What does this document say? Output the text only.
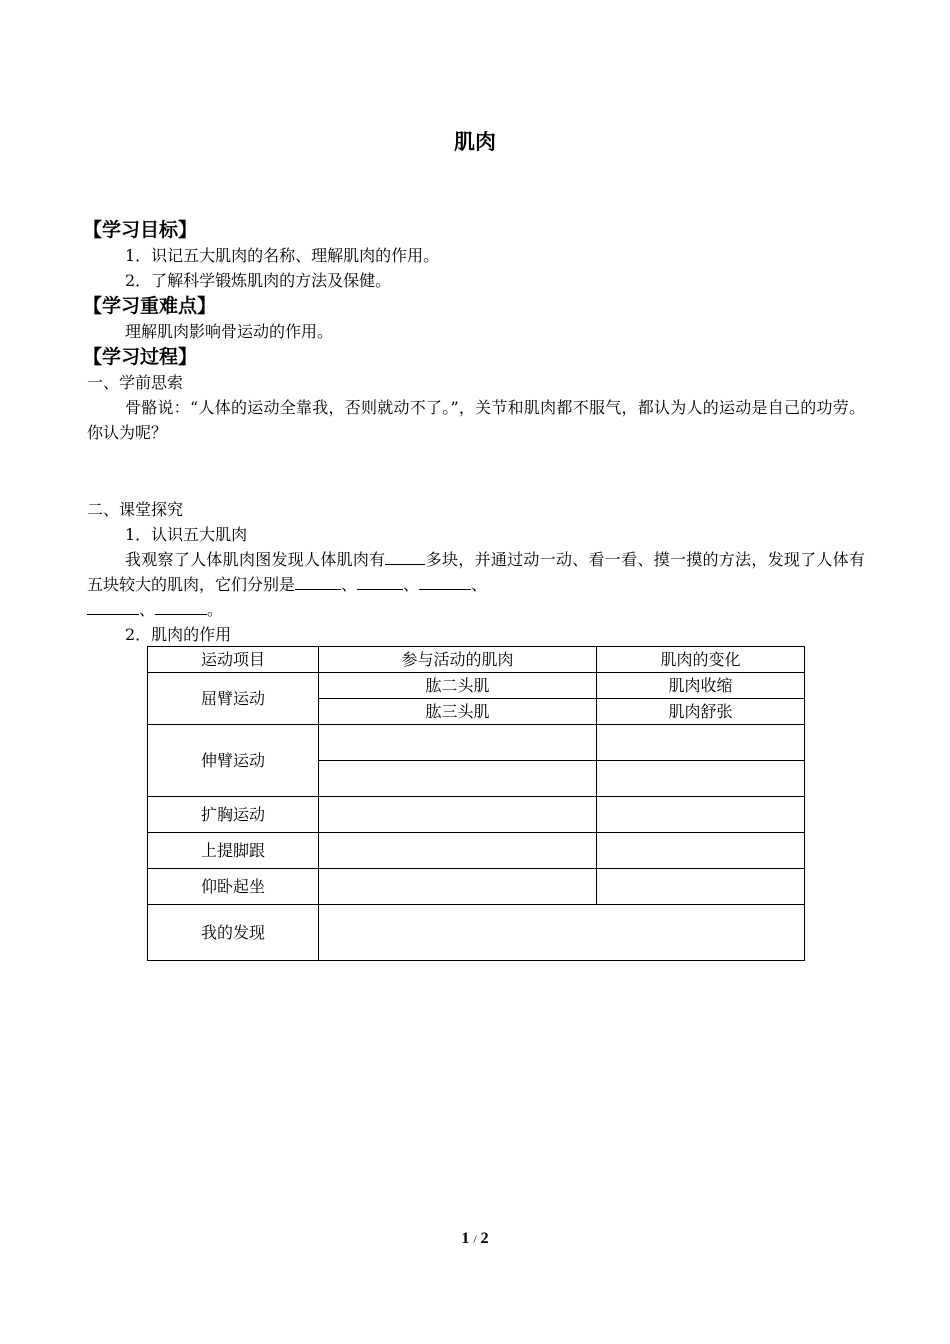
肌肉
【学习目标】
1．识记五大肌肉的名称、理解肌肉的作用。
2．了解科学锻炼肌肉的方法及保健。
【学习重难点】
理解肌肉影响骨运动的作用。
【学习过程】
一、学前思索
骨骼说：“人体的运动全靠我，否则就动不了。”，关节和肌肉都不服气，都认为人的运动是自己的功劳。你认为呢？
二、课堂探究
1．认识五大肌肉
我观察了人体肌肉图发现人体肌肉有	多块，并通过动一动、看一看、摸一摸的方法，发现了人体有五块较大的肌肉，它们分别是	、	、	、
、	。
2．肌肉的作用
运动项目	参与活动的肌肉	肌肉的变化
屈臂运动	肱二头肌	肌肉收缩
	肱三头肌	肌肉舒张
伸臂运动		

扩胸运动		
上提脚跟		
仰卧起坐		
我的发现		
1 / 2
